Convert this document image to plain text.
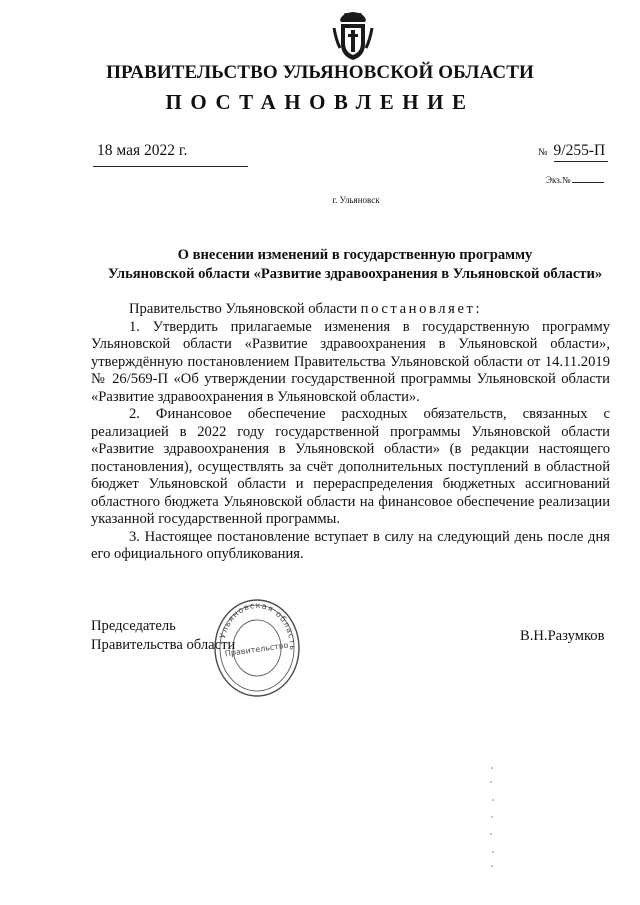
ПРАВИТЕЛЬСТВО УЛЬЯНОВСКОЙ ОБЛАСТИ
ПОСТАНОВЛЕНИЕ
18 мая 2022 г.	№ 9/255-П
Экз.№
г. Ульяновск
О внесении изменений в государственную программу
Ульяновской области «Развитие здравоохранения в Ульяновской области»

Правительство Ульяновской области постановляет:

1. Утвердить прилагаемые изменения в государственную программу Ульяновской области «Развитие здравоохранения в Ульяновской области», утверждённую постановлением Правительства Ульяновской области от 14.11.2019 № 26/569-П «Об утверждении государственной программы Ульяновской области «Развитие здравоохранения в Ульяновской области».

2. Финансовое обеспечение расходных обязательств, связанных с реализацией в 2022 году государственной программы Ульяновской области «Развитие здравоохранения в Ульяновской области» (в редакции настоящего постановления), осуществлять за счёт дополнительных поступлений в областной бюджет Ульяновской области и перераспределения бюджетных ассигнований областного бюджета Ульяновской области на финансовое обеспечение реализации указанной государственной программы.

3. Настоящее постановление вступает в силу на следующий день после дня его официального опубликования.

Председатель
Правительства области
В.Н.Разумков
Ульяновская область
Правительство
